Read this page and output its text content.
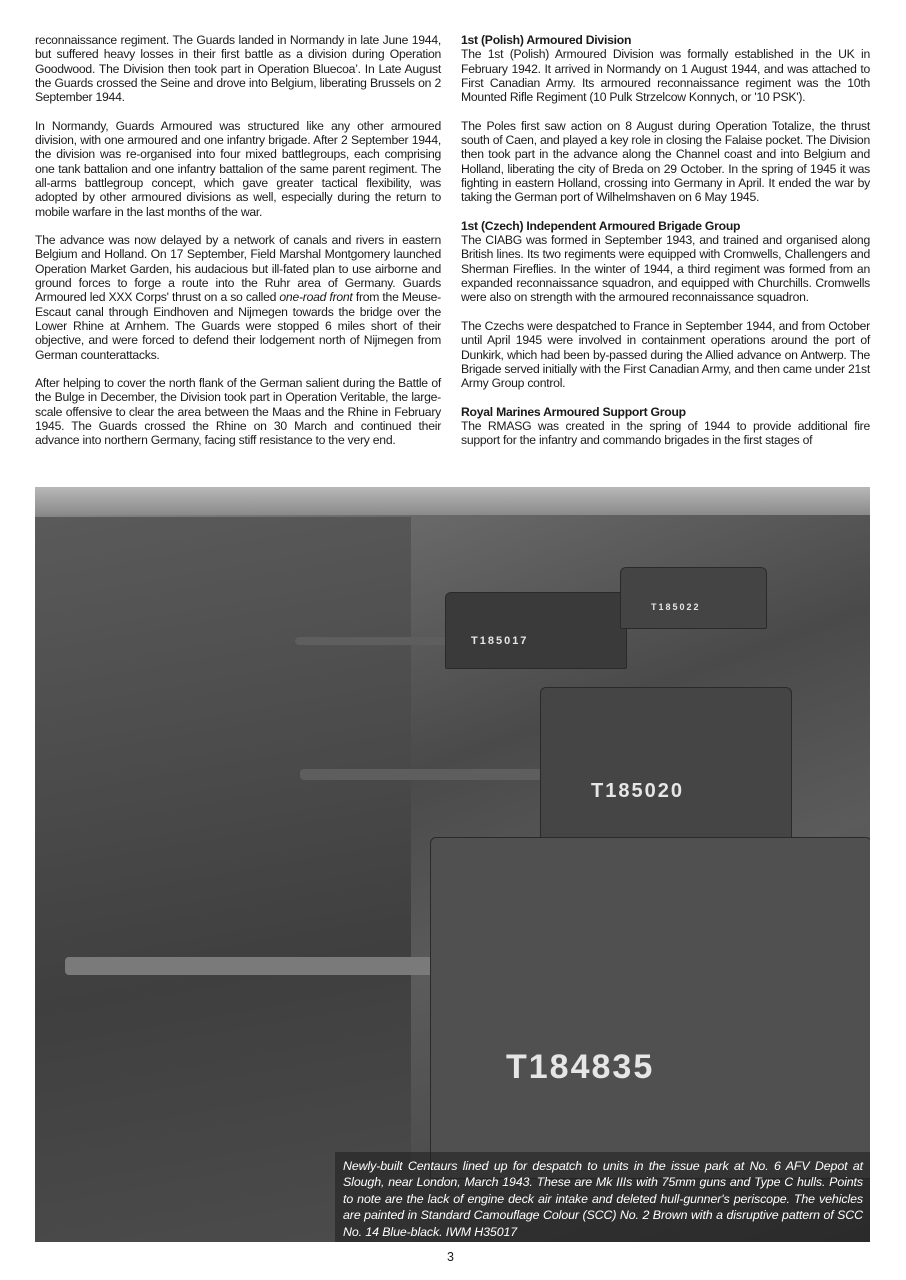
reconnaissance regiment. The Guards landed in Normandy in late June 1944, but suffered heavy losses in their first battle as a division during Operation Goodwood. The Division then took part in Operation Bluecoa’. In Late August the Guards crossed the Seine and drove into Belgium, liberating Brussels on 2 September 1944.

In Normandy, Guards Armoured was structured like any other armoured division, with one armoured and one infantry brigade. After 2 September 1944, the division was re-organised into four mixed battlegroups, each comprising one tank battalion and one infantry battalion of the same parent regiment. The all-arms battlegroup concept, which gave greater tactical flexibility, was adopted by other armoured divisions as well, especially during the return to mobile warfare in the last months of the war.

The advance was now delayed by a network of canals and rivers in eastern Belgium and Holland. On 17 September, Field Marshal Montgomery launched Operation Market Garden, his audacious but ill-fated plan to use airborne and ground forces to forge a route into the Ruhr area of Germany. Guards Armoured led XXX Corps' thrust on a so called one-road front from the Meuse-Escaut canal through Eindhoven and Nijmegen towards the bridge over the Lower Rhine at Arnhem. The Guards were stopped 6 miles short of their objective, and were forced to defend their lodgement north of Nijmegen from German counterattacks.

After helping to cover the north flank of the German salient during the Battle of the Bulge in December, the Division took part in Operation Veritable, the large-scale offensive to clear the area between the Maas and the Rhine in February 1945. The Guards crossed the Rhine on 30 March and continued their advance into northern Germany, facing stiff resistance to the very end.

1st (Polish) Armoured Division

The 1st (Polish) Armoured Division was formally established in the UK in February 1942. It arrived in Normandy on 1 August 1944, and was attached to First Canadian Army. Its armoured reconnaissance regiment was the 10th Mounted Rifle Regiment (10 Pulk Strzelcow Konnych, or '10 PSK').

The Poles first saw action on 8 August during Operation Totalize, the thrust south of Caen, and played a key role in closing the Falaise pocket. The Division then took part in the advance along the Channel coast and into Belgium and Holland, liberating the city of Breda on 29 October. In the spring of 1945 it was fighting in eastern Holland, crossing into Germany in April. It ended the war by taking the German port of Wilhelmshaven on 6 May 1945.

1st (Czech) Independent Armoured Brigade Group

The CIABG was formed in September 1943, and trained and organised along British lines. Its two regiments were equipped with Cromwells, Challengers and Sherman Fireflies. In the winter of 1944, a third regiment was formed from an expanded reconnaissance squadron, and equipped with Churchills. Cromwells were also on strength with the armoured reconnaissance squadron.

The Czechs were despatched to France in September 1944, and from October until April 1945 were involved in containment operations around the port of Dunkirk, which had been by-passed during the Allied advance on Antwerp. The Brigade served initially with the First Canadian Army, and then came under 21st Army Group control.

Royal Marines Armoured Support Group

The RMASG was created in the spring of 1944 to provide additional fire support for the infantry and commando brigades in the first stages of

T185017
T185022
T185020
T184835
Newly-built Centaurs lined up for despatch to units in the issue park at No. 6 AFV Depot at Slough, near London, March 1943. These are Mk IIIs with 75mm guns and Type C hulls. Points to note are the lack of engine deck air intake and deleted hull-gunner's periscope. The vehicles are painted in Standard Camouflage Colour (SCC) No. 2 Brown with a disruptive pattern of SCC No. 14 Blue-black. IWM H35017
3
